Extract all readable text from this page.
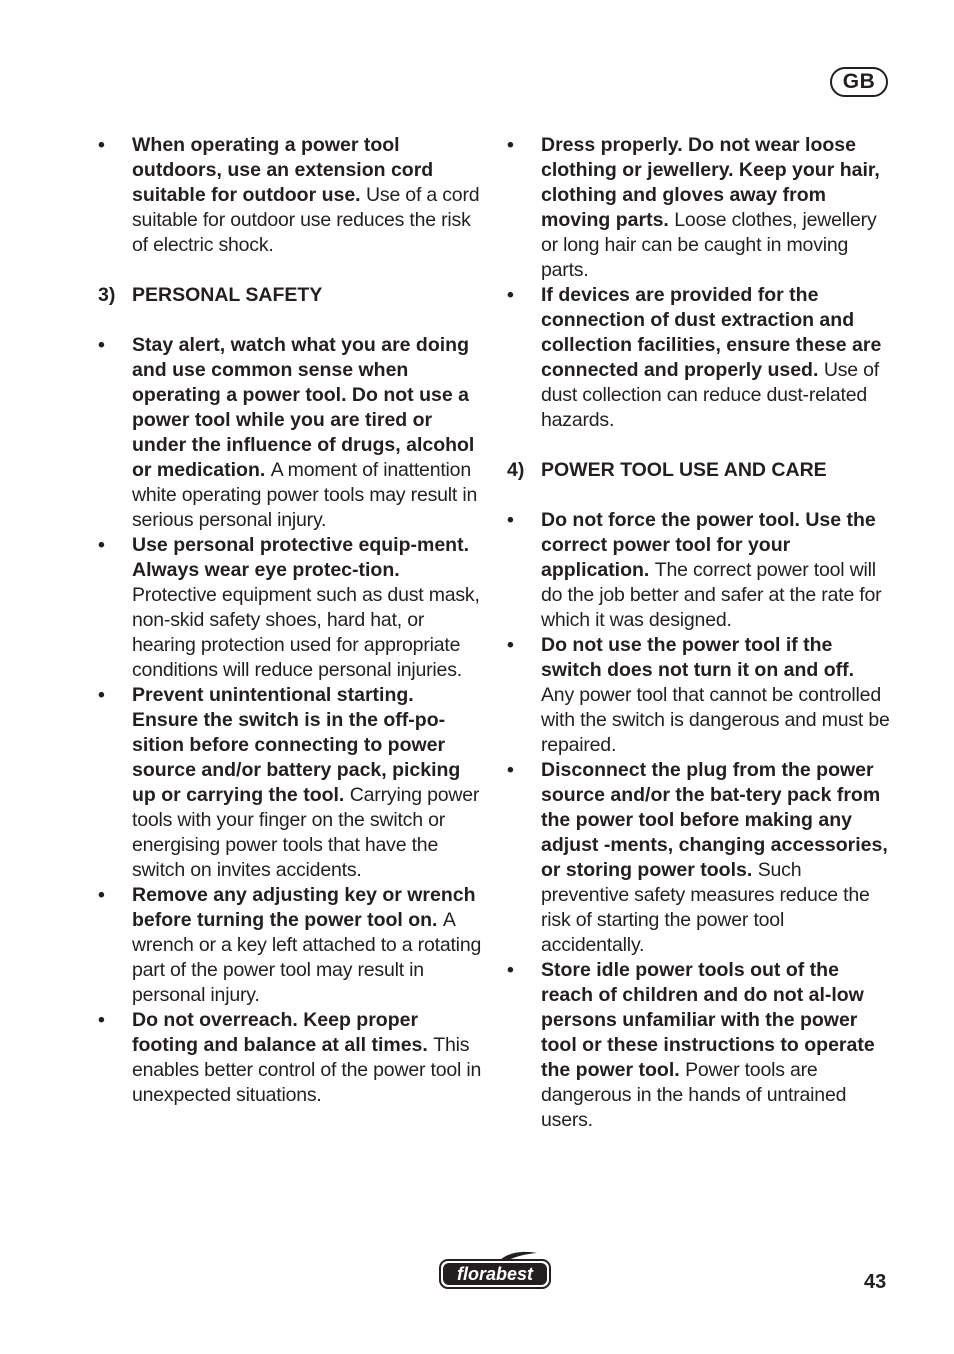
GB
• When operating a power tool outdoors, use an extension cord suitable for outdoor use. Use of a cord suitable for outdoor use reduces the risk of electric shock.
3) PERSONAL SAFETY
• Stay alert, watch what you are doing and use common sense when operating a power tool. Do not use a power tool while you are tired or under the influence of drugs, alcohol or medication. A moment of inattention white operating power tools may result in serious personal injury.
• Use personal protective equip-ment. Always wear eye protec-tion. Protective equipment such as dust mask, non-skid safety shoes, hard hat, or hearing protection used for appropriate conditions will reduce personal injuries.
• Prevent unintentional starting. Ensure the switch is in the off-po-sition before connecting to power source and/or battery pack, picking up or carrying the tool. Carrying power tools with your finger on the switch or energising power tools that have the switch on invites accidents.
• Remove any adjusting key or wrench before turning the power tool on. A wrench or a key left attached to a rotating part of the power tool may result in personal injury.
• Do not overreach. Keep proper footing and balance at all times. This enables better control of the power tool in unexpected situations.
• Dress properly. Do not wear loose clothing or jewellery. Keep your hair, clothing and gloves away from moving parts. Loose clothes, jewellery or long hair can be caught in moving parts.
• If devices are provided for the connection of dust extraction and collection facilities, ensure these are connected and properly used. Use of dust collection can reduce dust-related hazards.
4) POWER TOOL USE AND CARE
• Do not force the power tool. Use the correct power tool for your application. The correct power tool will do the job better and safer at the rate for which it was designed.
• Do not use the power tool if the switch does not turn it on and off. Any power tool that cannot be controlled with the switch is dangerous and must be repaired.
• Disconnect the plug from the power source and/or the bat-tery pack from the power tool before making any adjust -ments, changing accessories, or storing power tools. Such preventive safety measures reduce the risk of starting the power tool accidentally.
• Store idle power tools out of the reach of children and do not al-low persons unfamiliar with the power tool or these instructions to operate the power tool. Power tools are dangerous in the hands of untrained users.
florabest	43
